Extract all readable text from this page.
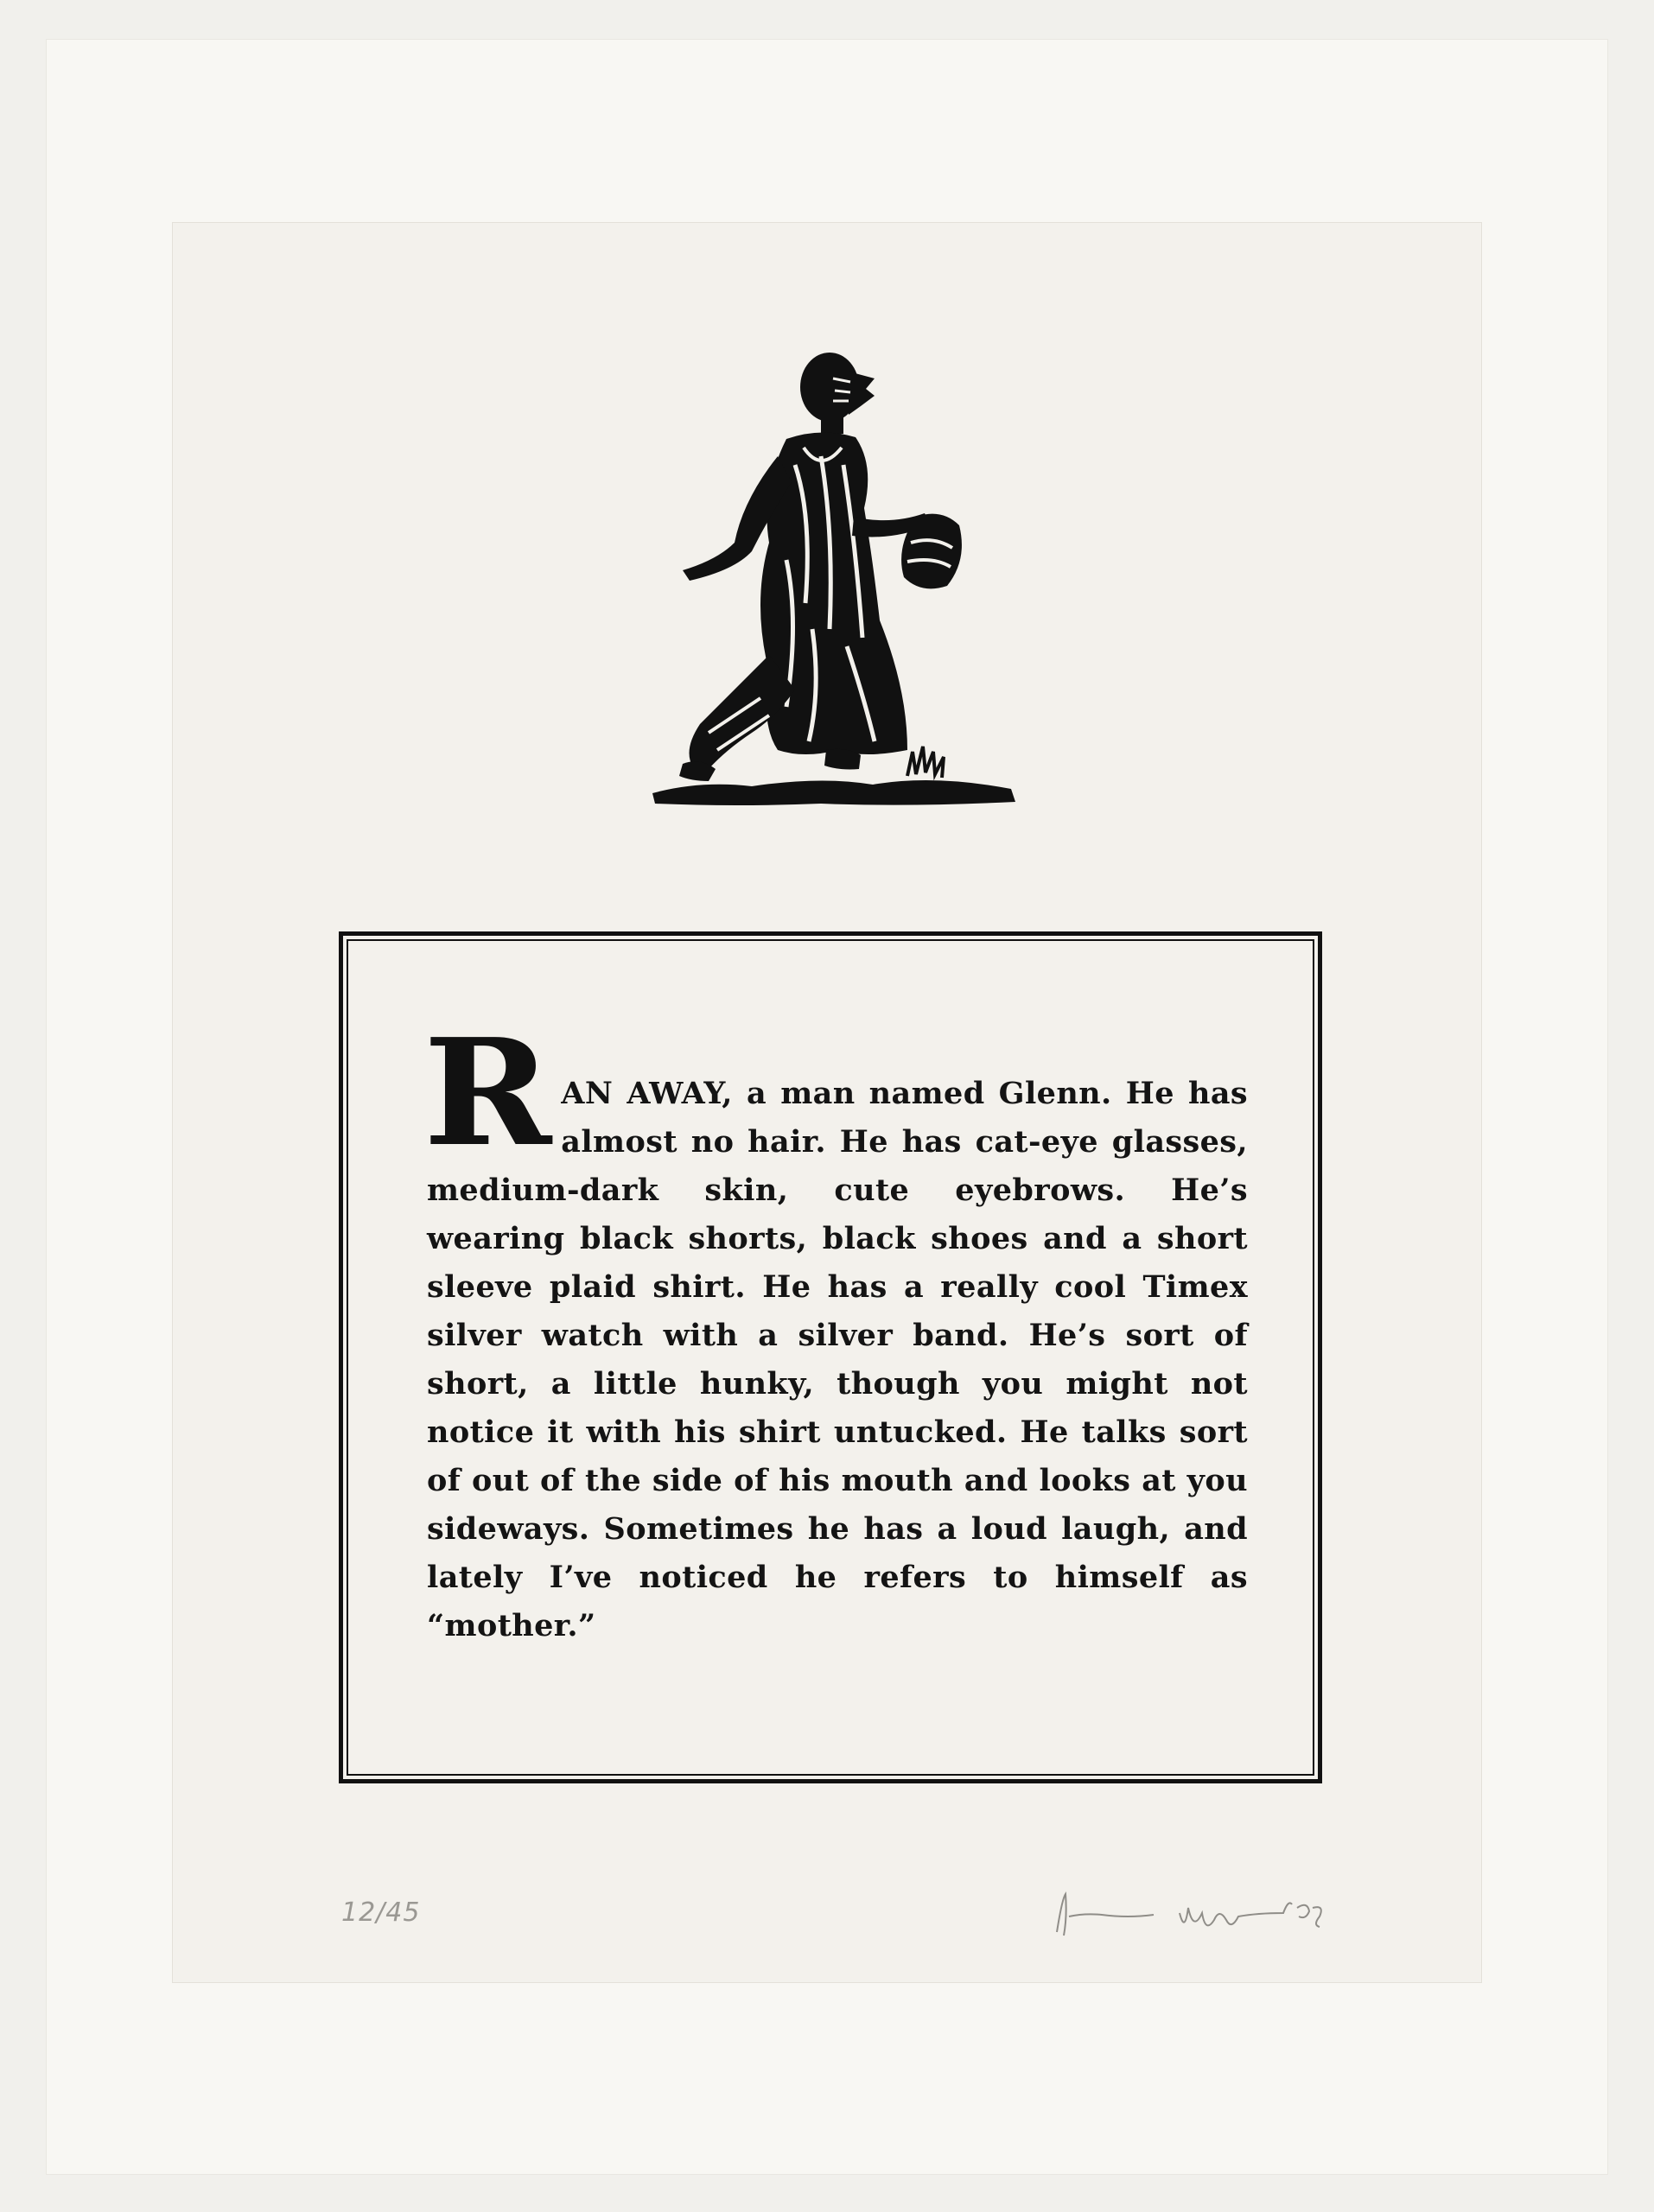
R AN AWAY, a man named Glenn. He has almost no hair. He has cat-eye glasses, medium-dark skin, cute eyebrows. He’s wearing black shorts, black shoes and a short sleeve plaid shirt. He has a really cool Timex silver watch with a silver band. He’s sort of short, a little hunky, though you might not notice it with his shirt untucked. He talks sort of out of the side of his mouth and looks at you sideways. Sometimes he has a loud laugh, and lately I’ve noticed he refers to himself as “mother.”

12/45
